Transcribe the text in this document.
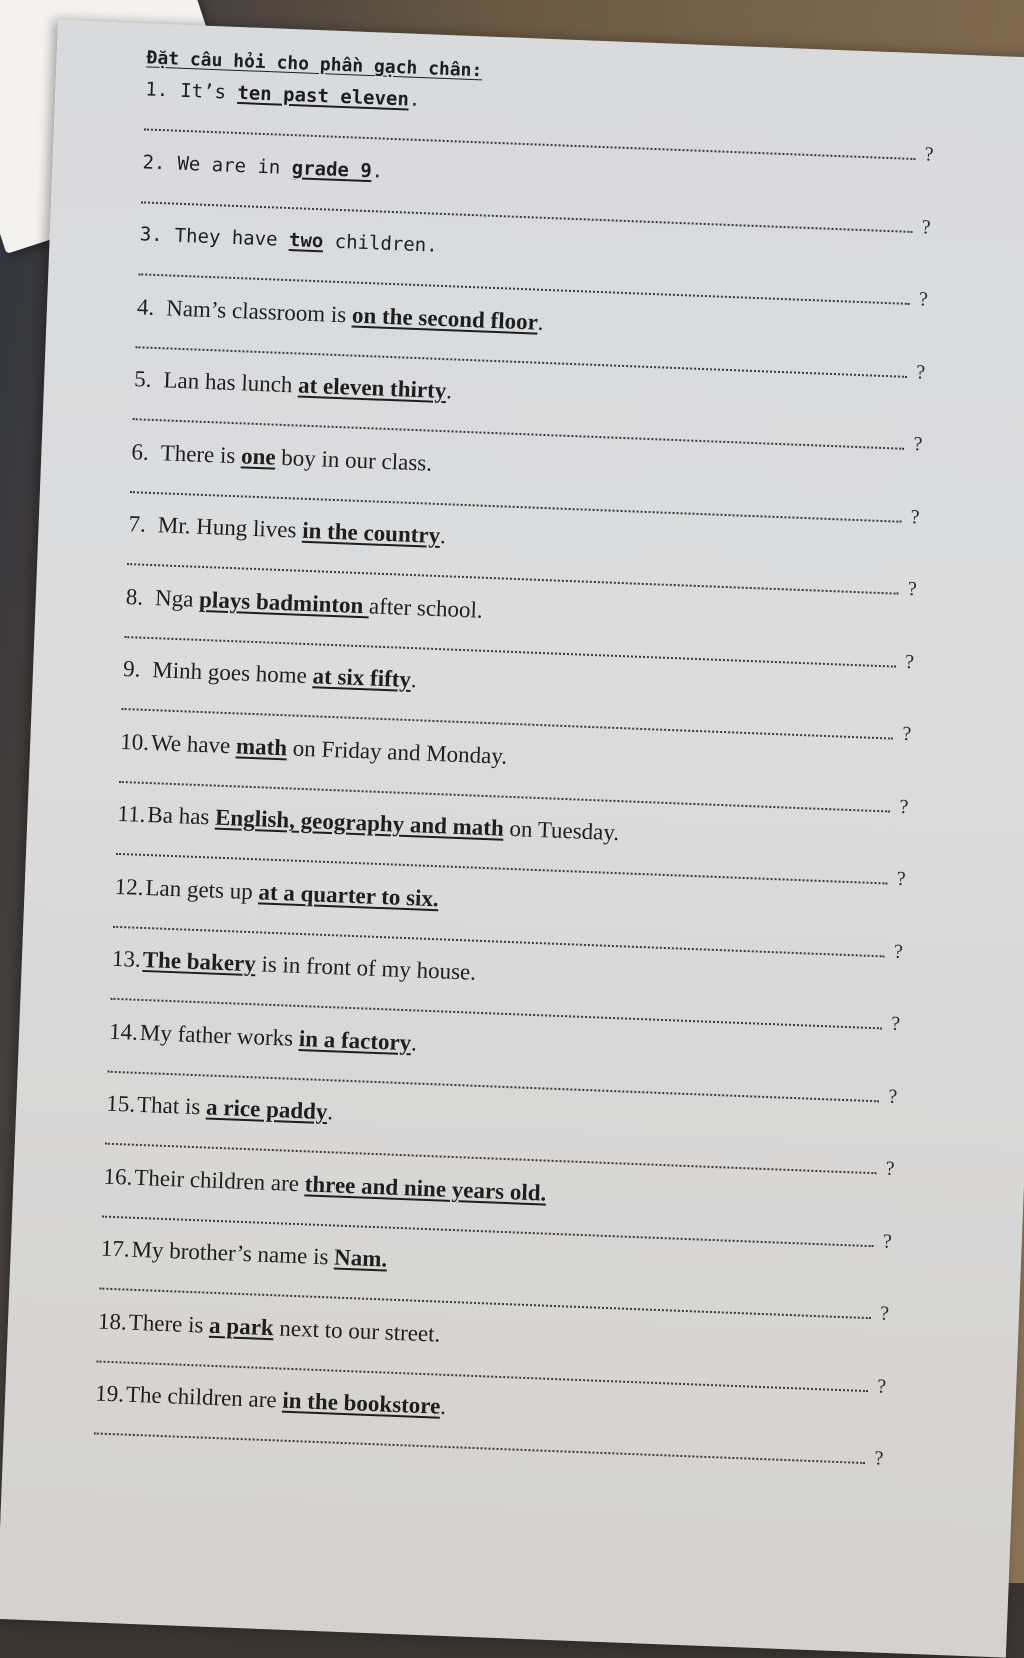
Đặt câu hỏi cho phần gạch chân:
1. It’s ten past eleven.
?
2. We are in grade 9.
?
3. They have two children.
?
4. Nam’s classroom is on the second floor.
?
5. Lan has lunch at eleven thirty.
?
6. There is one boy in our class.
?
7. Mr. Hung lives in the country.
?
8. Nga plays badminton after school.
?
9. Minh goes home at six fifty.
?
10.We have math on Friday and Monday.
?
11.Ba has English, geography and math on Tuesday.
?
12.Lan gets up at a quarter to six.
?
13.The bakery is in front of my house.
?
14.My father works in a factory.
?
15.That is a rice paddy.
?
16.Their children are three and nine years old.
?
17.My brother’s name is Nam.
?
18.There is a park next to our street.
?
19.The children are in the bookstore.
?
